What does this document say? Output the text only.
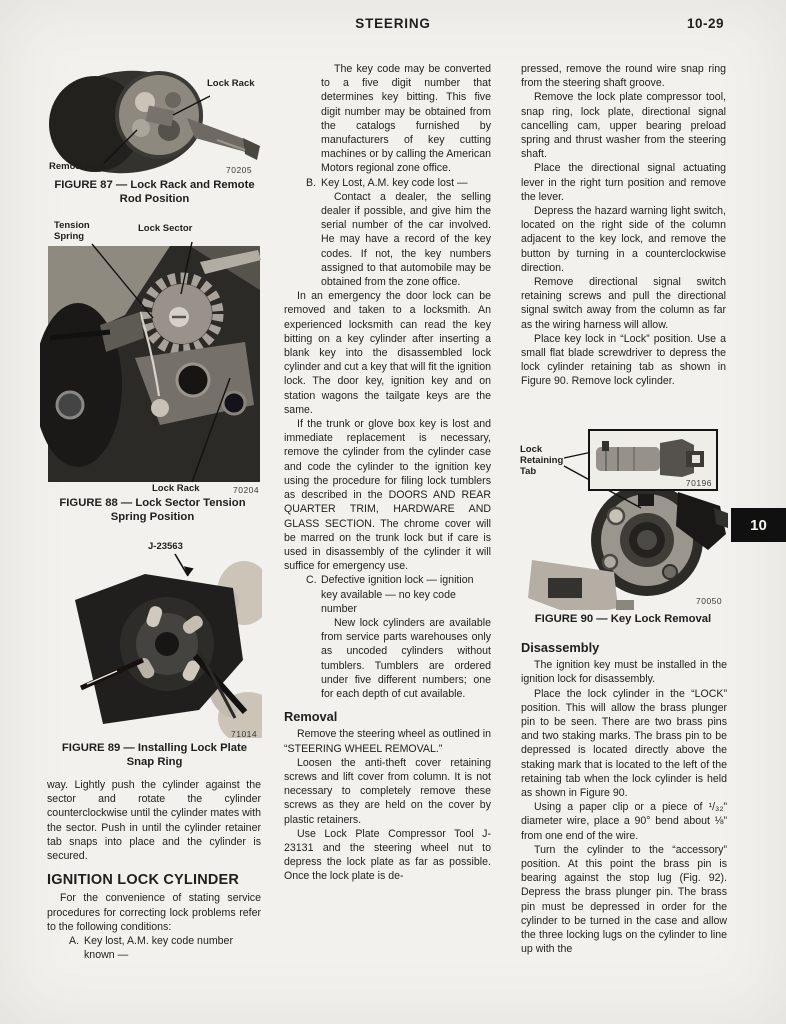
STEERING	10-29
10
Lock Rack
Remote Rod	70205
FIGURE 87 — Lock Rack and Remote Rod Position
Tension Spring
Lock Sector
Lock Rack	70204
FIGURE 88 — Lock Sector Tension Spring Position
J-23563
71014
FIGURE 89 — Installing Lock Plate Snap Ring
70196
Lock Retaining Tab
70050
FIGURE 90 — Key Lock Removal

way. Lightly push the cylinder against the sector and rotate the cylinder counterclockwise until the cylinder mates with the sector. Push in until the cylinder retainer tab snaps into place and the cylinder is secured.

IGNITION LOCK CYLINDER

For the convenience of stating service procedures for correcting lock problems refer to the following conditions:

A. Key lost, A.M. key code number known —

The key code may be converted to a five digit number that determines key bitting. This five digit number may be obtained from the catalogs furnished by manufacturers of key cutting machines or by calling the American Motors regional zone office.

B. Key Lost, A.M. key code lost —
Contact a dealer, the selling dealer if possible, and give him the serial number of the car involved. He may have a record of the key codes. If not, the key numbers assigned to that automobile may be obtained from the zone office.

In an emergency the door lock can be removed and taken to a locksmith. An experienced locksmith can read the key bitting on a key cylinder after inserting a blank key into the disassembled lock cylinder and cut a key that will fit the ignition lock. The door key, ignition key and on station wagons the tailgate keys are the same.

If the trunk or glove box key is lost and immediate replacement is necessary, remove the cylinder from the cylinder case and code the cylinder to the ignition key using the procedure for filing lock tumblers as described in the DOORS AND REAR QUARTER TRIM, HARDWARE AND GLASS SECTION. The chrome cover will be marred on the trunk lock but if care is used in disassembly of the cylinder it will suffice for emergency use.

C. Defective ignition lock — ignition key available — no key code number
New lock cylinders are available from service parts warehouses only as uncoded cylinders without tumblers. Tumblers are ordered under five different numbers; one for each depth of cut available.
Removal

Remove the steering wheel as outlined in “STEERING WHEEL REMOVAL.”

Loosen the anti-theft cover retaining screws and lift cover from column. It is not necessary to completely remove these screws as they are held on the cover by plastic retainers.

Use Lock Plate Compressor Tool J-23131 and the steering wheel nut to depress the lock plate as far as possible. Once the lock plate is de-

pressed, remove the round wire snap ring from the steering shaft groove.

Remove the lock plate compressor tool, snap ring, lock plate, directional signal cancelling cam, upper bearing preload spring and thrust washer from the steering shaft.

Place the directional signal actuating lever in the right turn position and remove the lever.

Depress the hazard warning light switch, located on the right side of the column adjacent to the key lock, and remove the button by turning in a counterclockwise direction.

Remove directional signal switch retaining screws and pull the directional signal switch away from the column as far as the wiring harness will allow.

Place key lock in “Lock” position. Use a small flat blade screwdriver to depress the lock cylinder retaining tab as shown in Figure 90. Remove lock cylinder.

Disassembly

The ignition key must be installed in the ignition lock for disassembly.

Place the lock cylinder in the “LOCK” position. This will allow the brass plunger pin to be seen. There are two brass pins and two staking marks. The brass pin to be depressed is located directly above the staking mark that is located to the left of the retaining tab when the lock cylinder is held as shown in Figure 90.

Using a paper clip or a piece of ¹/₃₂” diameter wire, place a 90° bend about ⅛” from one end of the wire.

Turn the cylinder to the “accessory” position. At this point the brass pin is bearing against the stop lug (Fig. 92). Depress the brass plunger pin. The brass pin must be depressed in order for the cylinder to be turned in the case and allow the three locking lugs on the cylinder to line up with the
